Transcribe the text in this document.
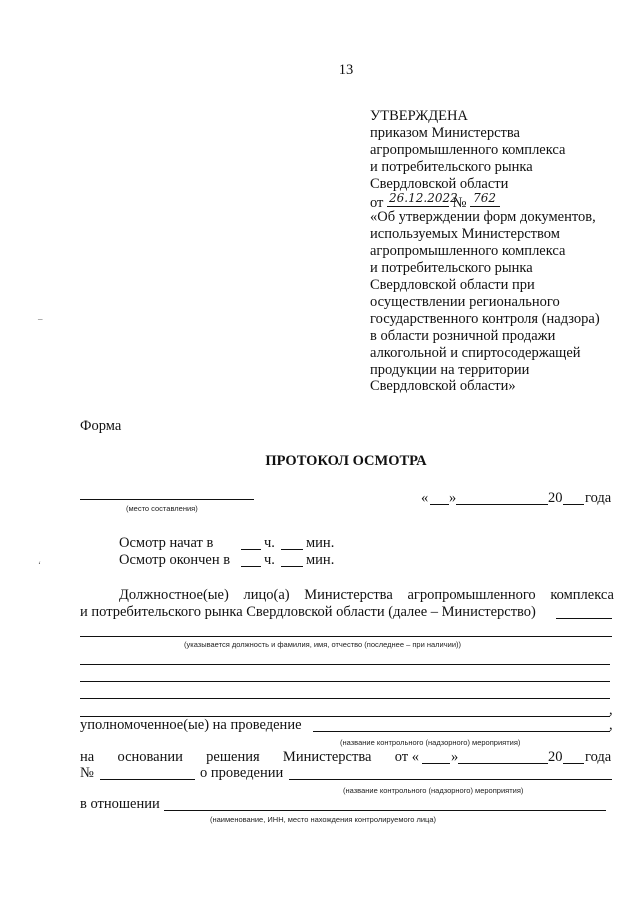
13
УТВЕРЖДЕНА
приказом Министерства
агропромышленного комплекса
и потребительского рынка
Свердловской области
от 26.12.2022
№ 762
«Об утверждении форм документов,
используемых Министерством
агропромышленного комплекса
и потребительского рынка
Свердловской области при
осуществлении регионального
государственного контроля (надзора)
в области розничной продажи
алкогольной и спиртосодержащей
продукции на территории
Свердловской области»
–
‘
Форма
ПРОТОКОЛ ОСМОТРА
(место составления)
« »	20 года
Осмотр начат в	ч. мин.
Осмотр окончен в ч. мин.
Должностное(ые) лицо(а) Министерства агропромышленного комплекса
и потребительского рынка Свердловской области (далее – Министерство)
(указывается должность и фамилия, имя, отчество (последнее – при наличии))
,
уполномоченное(ые) на проведение	,
(название контрольного (надзорного) мероприятия)
на основании решения Министерства от « »	20 года
№	о проведении
(название контрольного (надзорного) мероприятия)
в отношении
(наименование, ИНН, место нахождения контролируемого лица)
